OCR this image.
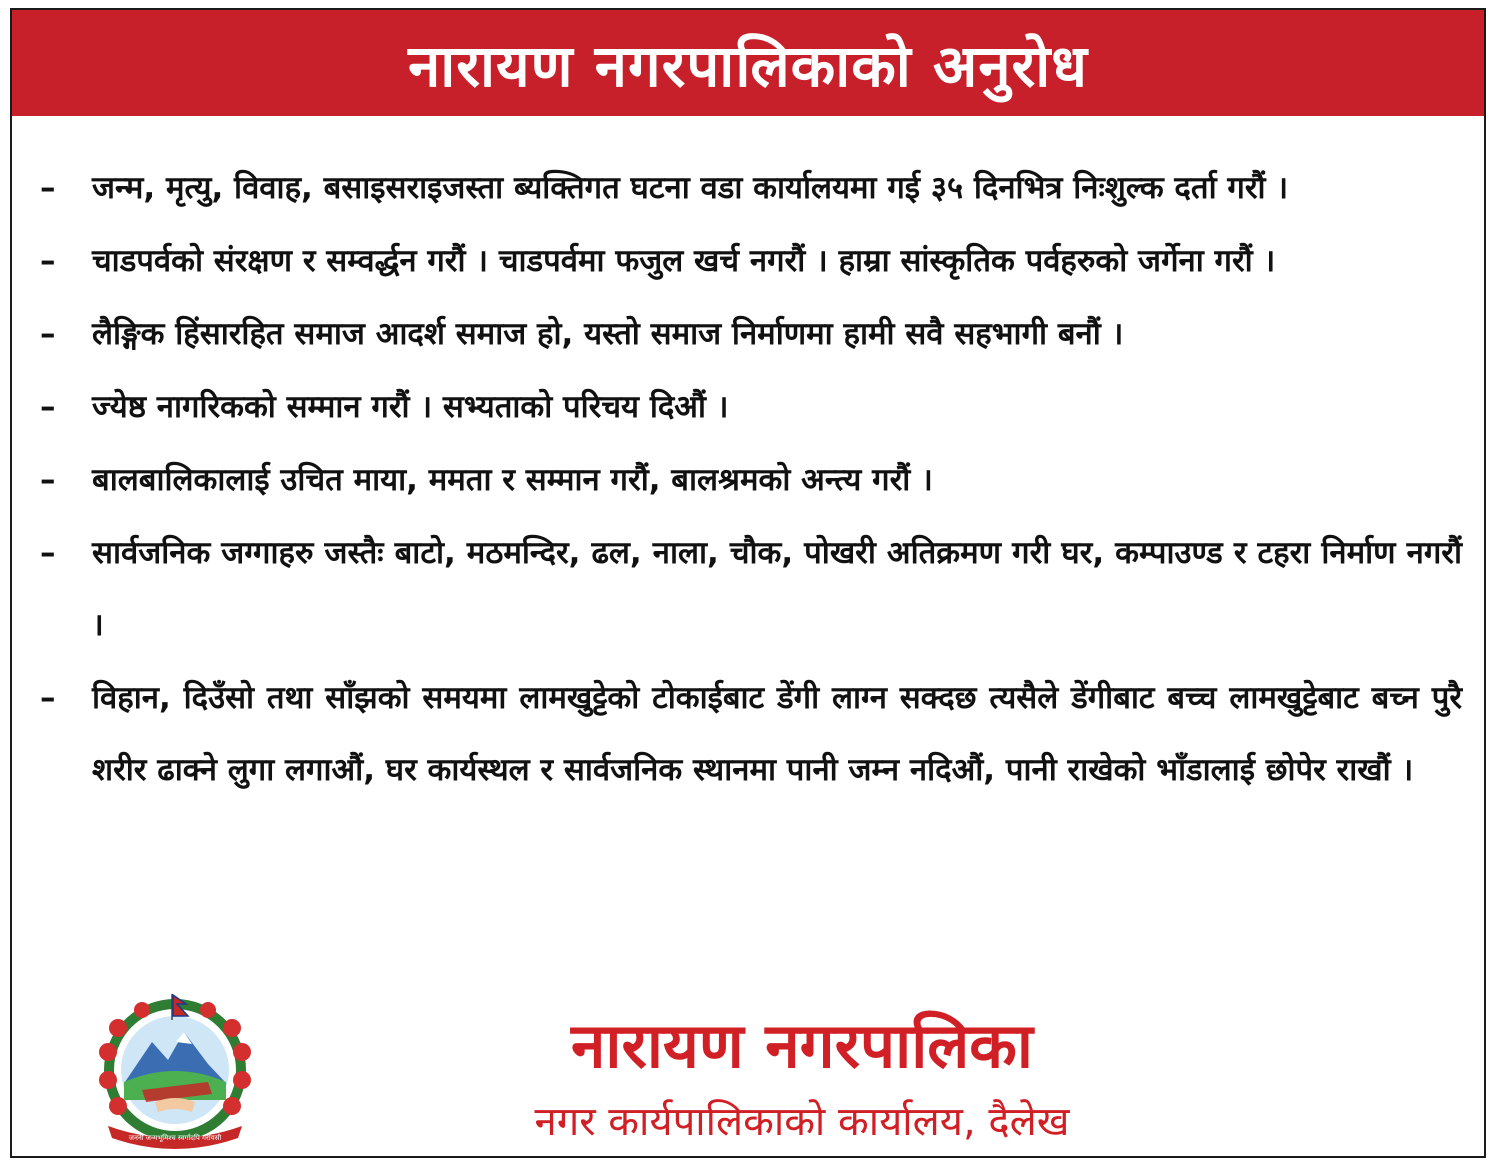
नारायण नगरपालिकाको अनुरोध
–	जन्म, मृत्यु, विवाह, बसाइसराइजस्ता ब्यक्तिगत घटना वडा कार्यालयमा गई ३५ दिनभित्र निःशुल्क दर्ता गरौं ।
–	चाडपर्वको संरक्षण र सम्वर्द्धन गरौं । चाडपर्वमा फजुल खर्च नगरौं । हाम्रा सांस्कृतिक पर्वहरुको जर्गेना गरौं ।
–	लैङ्गिक हिंसारहित समाज आदर्श समाज हो, यस्तो समाज निर्माणमा हामी सवै सहभागी बनौं ।
–	ज्येष्ठ नागरिकको सम्मान गरौं । सभ्यताको परिचय दिऔं ।
–	बालबालिकालाई उचित माया, ममता र सम्मान गरौं, बालश्रमको अन्त्य गरौं ।
–	सार्वजनिक जग्गाहरु जस्तैः बाटो, मठमन्दिर, ढल, नाला, चौक, पोखरी अतिक्रमण गरी घर, कम्पाउण्ड र टहरा निर्माण नगरौं ।
–	विहान, दिउँसो तथा साँझको समयमा लामखुट्टेको टोकाईबाट डेंगी लाग्न सक्दछ त्यसैले डेंगीबाट बच्च लामखुट्टेबाट बच्न पुरै शरीर ढाक्ने लुगा लगाऔं, घर कार्यस्थल र सार्वजनिक स्थानमा पानी जम्न नदिऔं, पानी राखेको भाँडालाई छोपेर राखौं ।
जननी जन्मभूमिश्च स्वर्गादपि गरीयसी
नारायण नगरपालिका
नगर कार्यपालिकाको कार्यालय, दैलेख
